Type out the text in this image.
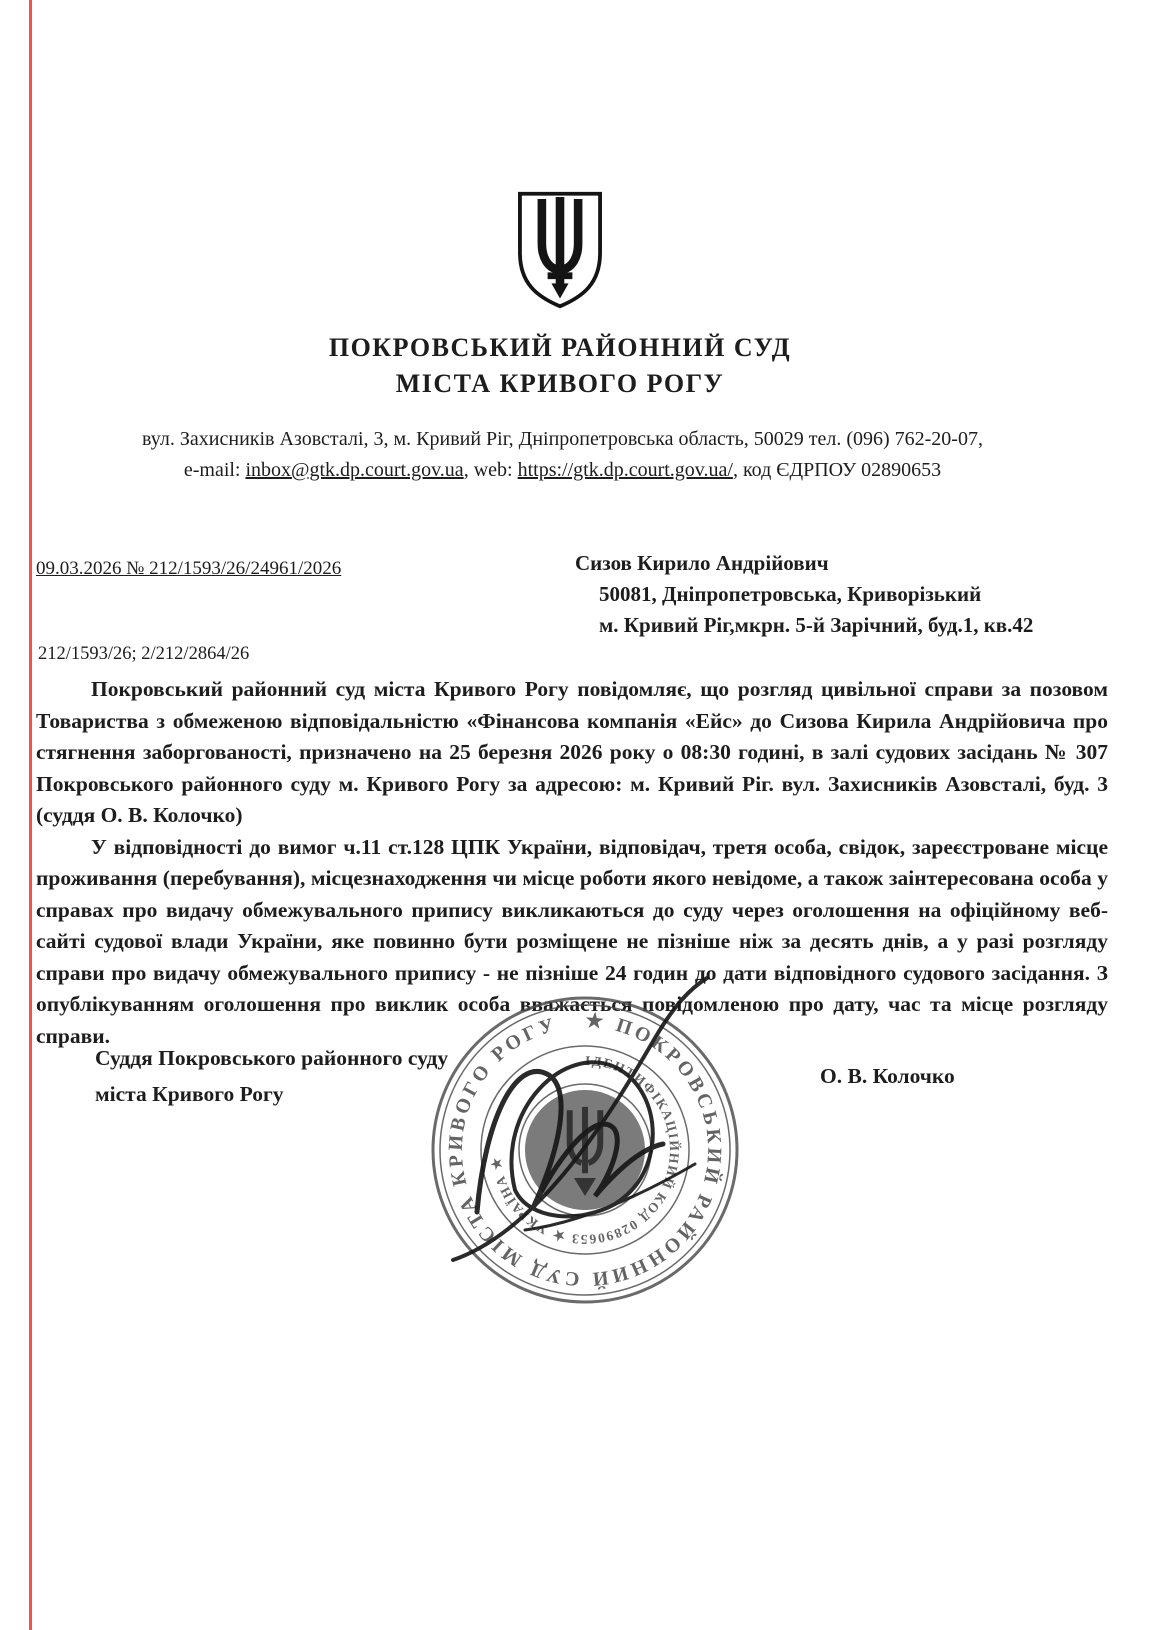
ПОКРОВСЬКИЙ РАЙОННИЙ СУД
МІСТА КРИВОГО РОГУ
вул. Захисників Азовсталі, 3, м. Кривий Ріг, Дніпропетровська область, 50029 тел. (096) 762-20-07,
e-mail: inbox@gtk.dp.court.gov.ua, web: https://gtk.dp.court.gov.ua/, код ЄДРПОУ 02890653
09.03.2026 № 212/1593/26/24961/2026	Сизов Кирило Андрійович
50081, Дніпропетровська, Криворізький
м. Кривий Ріг,мкрн. 5-й Зарічний, буд.1, кв.42
212/1593/26; 2/212/2864/26

Покровський районний суд міста Кривого Рогу повідомляє, що розгляд цивільної справи за позовом Товариства з обмеженою відповідальністю «Фінансова компанія «Ейс» до Сизова Кирила Андрійовича про стягнення заборгованості, призначено на 25 березня 2026 року о 08:30 годині, в залі судових засідань № 307 Покровського районного суду м. Кривого Рогу за адресою: м. Кривий Ріг. вул. Захисників Азовсталі, буд. 3 (суддя О. В. Колочко)

У відповідності до вимог ч.11 ст.128 ЦПК України, відповідач, третя особа, свідок, зареєстроване місце проживання (перебування), місцезнаходження чи місце роботи якого невідоме, а також заінтересована особа у справах про видачу обмежувального припису викликаються до суду через оголошення на офіційному веб-сайті судової влади України, яке повинно бути розміщене не пізніше ніж за десять днів, а у разі розгляду справи про видачу обмежувального припису - не пізніше 24 годин до дати відповідного судового засідання. З опублікуванням оголошення про виклик особа вважається повідомленою про дату, час та місце розгляду справи.

Суддя Покровського районного суду
міста Кривого Рогу
О. В. Колочко
★ ПОКРОВСЬКИЙ РАЙОННИЙ СУД МІСТА КРИВОГО РОГУ
ІДЕНТИФІКАЦІЙНИЙ КОД 02890653 ★ УКРАЇНА ★
